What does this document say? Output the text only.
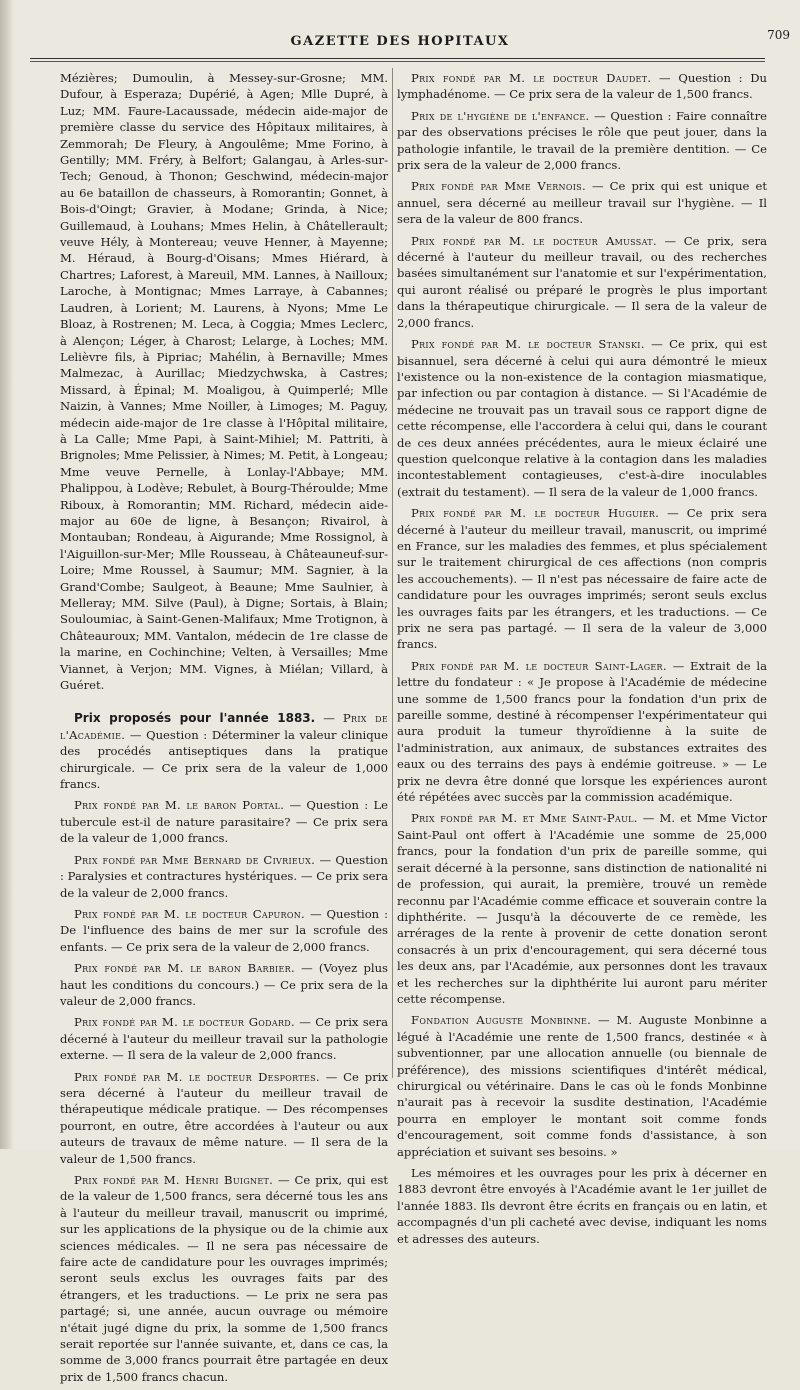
GAZETTE DES HOPITAUX	709

Mézières; Dumoulin, à Messey-sur-Grosne; MM. Dufour, à Esperaza; Dupérié, à Agen; Mlle Dupré, à Luz; MM. Faure-Lacaussade, médecin aide-major de première classe du service des Hôpitaux militaires, à Zemmorah; De Fleury, à Angoulême; Mme Forino, à Gentilly; MM. Fréry, à Belfort; Galangau, à Arles-sur-Tech; Genoud, à Thonon; Geschwind, médecin-major au 6e bataillon de chasseurs, à Romorantin; Gonnet, à Bois-d'Oingt; Gravier, à Modane; Grinda, à Nice; Guillemaud, à Louhans; Mmes Helin, à Châtellerault; veuve Hély, à Montereau; veuve Henner, à Mayenne; M. Héraud, à Bourg-d'Oisans; Mmes Hiérard, à Chartres; Laforest, à Mareuil, MM. Lannes, à Nailloux; Laroche, à Montignac; Mmes Larraye, à Cabannes; Laudren, à Lorient; M. Laurens, à Nyons; Mme Le Bloaz, à Rostrenen; M. Leca, à Coggia; Mmes Leclerc, à Alençon; Léger, à Charost; Lelarge, à Loches; MM. Lelièvre fils, à Pipriac; Mahélin, à Bernaville; Mmes Malmezac, à Aurillac; Miedzychwska, à Castres; Missard, à Épinal; M. Moaligou, à Quimperlé; Mlle Naizin, à Vannes; Mme Noiller, à Limoges; M. Paguy, médecin aide-major de 1re classe à l'Hôpital militaire, à La Calle; Mme Papi, à Saint-Mihiel; M. Pattriti, à Brignoles; Mme Pelissier, à Nimes; M. Petit, à Longeau; Mme veuve Pernelle, à Lonlay-l'Abbaye; MM. Phalippou, à Lodève; Rebulet, à Bourg-Théroulde; Mme Riboux, à Romorantin; MM. Richard, médecin aide-major au 60e de ligne, à Besançon; Rivairol, à Montauban; Rondeau, à Aigurande; Mme Rossignol, à l'Aiguillon-sur-Mer; Mlle Rousseau, à Châteauneuf-sur-Loire; Mme Roussel, à Saumur; MM. Sagnier, à la Grand'Combe; Saulgeot, à Beaune; Mme Saulnier, à Melleray; MM. Silve (Paul), à Digne; Sortais, à Blain; Souloumiac, à Saint-Genen-Malifaux; Mme Trotignon, à Châteauroux; MM. Vantalon, médecin de 1re classe de la marine, en Cochinchine; Velten, à Versailles; Mme Viannet, à Verjon; MM. Vignes, à Miélan; Villard, à Guéret.

Prix proposés pour l'année 1883. — Prix de l'Académie. — Question : Déterminer la valeur clinique des procédés antiseptiques dans la pratique chirurgicale. — Ce prix sera de la valeur de 1,000 francs.

Prix fondé par M. le baron Portal. — Question : Le tubercule est-il de nature parasitaire? — Ce prix sera de la valeur de 1,000 francs.

Prix fondé par Mme Bernard de Civrieux. — Question : Paralysies et contractures hystériques. — Ce prix sera de la valeur de 2,000 francs.

Prix fondé par M. le docteur Capuron. — Question : De l'influence des bains de mer sur la scrofule des enfants. — Ce prix sera de la valeur de 2,000 francs.

Prix fondé par M. le baron Barbier. — (Voyez plus haut les conditions du concours.) — Ce prix sera de la valeur de 2,000 francs.

Prix fondé par M. le docteur Godard. — Ce prix sera décerné à l'auteur du meilleur travail sur la pathologie externe. — Il sera de la valeur de 2,000 francs.

Prix fondé par M. le docteur Desportes. — Ce prix sera décerné à l'auteur du meilleur travail de thérapeutique médicale pratique. — Des récompenses pourront, en outre, être accordées à l'auteur ou aux auteurs de travaux de même nature. — Il sera de la valeur de 1,500 francs.

Prix fondé par M. Henri Buignet. — Ce prix, qui est de la valeur de 1,500 francs, sera décerné tous les ans à l'auteur du meilleur travail, manuscrit ou imprimé, sur les applications de la physique ou de la chimie aux sciences médicales. — Il ne sera pas nécessaire de faire acte de candidature pour les ouvrages imprimés; seront seuls exclus les ouvrages faits par des étrangers, et les traductions. — Le prix ne sera pas partagé; si, une année, aucun ouvrage ou mémoire n'était jugé digne du prix, la somme de 1,500 francs serait reportée sur l'année suivante, et, dans ce cas, la somme de 3,000 francs pourrait être partagée en deux prix de 1,500 francs chacun.

Prix fondé par M. le docteur Daudet. — Question : Du lymphadénome. — Ce prix sera de la valeur de 1,500 francs.

Prix de l'hygiène de l'enfance. — Question : Faire connaître par des observations précises le rôle que peut jouer, dans la pathologie infantile, le travail de la première dentition. — Ce prix sera de la valeur de 2,000 francs.

Prix fondé par Mme Vernois. — Ce prix qui est unique et annuel, sera décerné au meilleur travail sur l'hygiène. — Il sera de la valeur de 800 francs.

Prix fondé par M. le docteur Amussat. — Ce prix, sera décerné à l'auteur du meilleur travail, ou des recherches basées simultanément sur l'anatomie et sur l'expérimentation, qui auront réalisé ou préparé le progrès le plus important dans la thérapeutique chirurgicale. — Il sera de la valeur de 2,000 francs.

Prix fondé par M. le docteur Stanski. — Ce prix, qui est bisannuel, sera décerné à celui qui aura démontré le mieux l'existence ou la non-existence de la contagion miasmatique, par infection ou par contagion à distance. — Si l'Académie de médecine ne trouvait pas un travail sous ce rapport digne de cette récompense, elle l'accordera à celui qui, dans le courant de ces deux années précédentes, aura le mieux éclairé une question quelconque relative à la contagion dans les maladies incontestablement contagieuses, c'est-à-dire inoculables (extrait du testament). — Il sera de la valeur de 1,000 francs.

Prix fondé par M. le docteur Huguier. — Ce prix sera décerné à l'auteur du meilleur travail, manuscrit, ou imprimé en France, sur les maladies des femmes, et plus spécialement sur le traitement chirurgical de ces affections (non compris les accouchements). — Il n'est pas nécessaire de faire acte de candidature pour les ouvrages imprimés; seront seuls exclus les ouvrages faits par les étrangers, et les traductions. — Ce prix ne sera pas partagé. — Il sera de la valeur de 3,000 francs.

Prix fondé par M. le docteur Saint-Lager. — Extrait de la lettre du fondateur : « Je propose à l'Académie de médecine une somme de 1,500 francs pour la fondation d'un prix de pareille somme, destiné à récompenser l'expérimentateur qui aura produit la tumeur thyroïdienne à la suite de l'administration, aux animaux, de substances extraites des eaux ou des terrains des pays à endémie goitreuse. » — Le prix ne devra être donné que lorsque les expériences auront été répétées avec succès par la commission académique.

Prix fondé par M. et Mme Saint-Paul. — M. et Mme Victor Saint-Paul ont offert à l'Académie une somme de 25,000 francs, pour la fondation d'un prix de pareille somme, qui serait décerné à la personne, sans distinction de nationalité ni de profession, qui aurait, la première, trouvé un remède reconnu par l'Académie comme efficace et souverain contre la diphthérite. — Jusqu'à la découverte de ce remède, les arrérages de la rente à provenir de cette donation seront consacrés à un prix d'encouragement, qui sera décerné tous les deux ans, par l'Académie, aux personnes dont les travaux et les recherches sur la diphthérite lui auront paru mériter cette récompense.

Fondation Auguste Monbinne. — M. Auguste Monbinne a légué à l'Académie une rente de 1,500 francs, destinée « à subventionner, par une allocation annuelle (ou biennale de préférence), des missions scientifiques d'intérêt médical, chirurgical ou vétérinaire. Dans le cas où le fonds Monbinne n'aurait pas à recevoir la susdite destination, l'Académie pourra en employer le montant soit comme fonds d'encouragement, soit comme fonds d'assistance, à son appréciation et suivant ses besoins. »

Les mémoires et les ouvrages pour les prix à décerner en 1883 devront être envoyés à l'Académie avant le 1er juillet de l'année 1883. Ils devront être écrits en français ou en latin, et accompagnés d'un pli cacheté avec devise, indiquant les noms et adresses des auteurs.
